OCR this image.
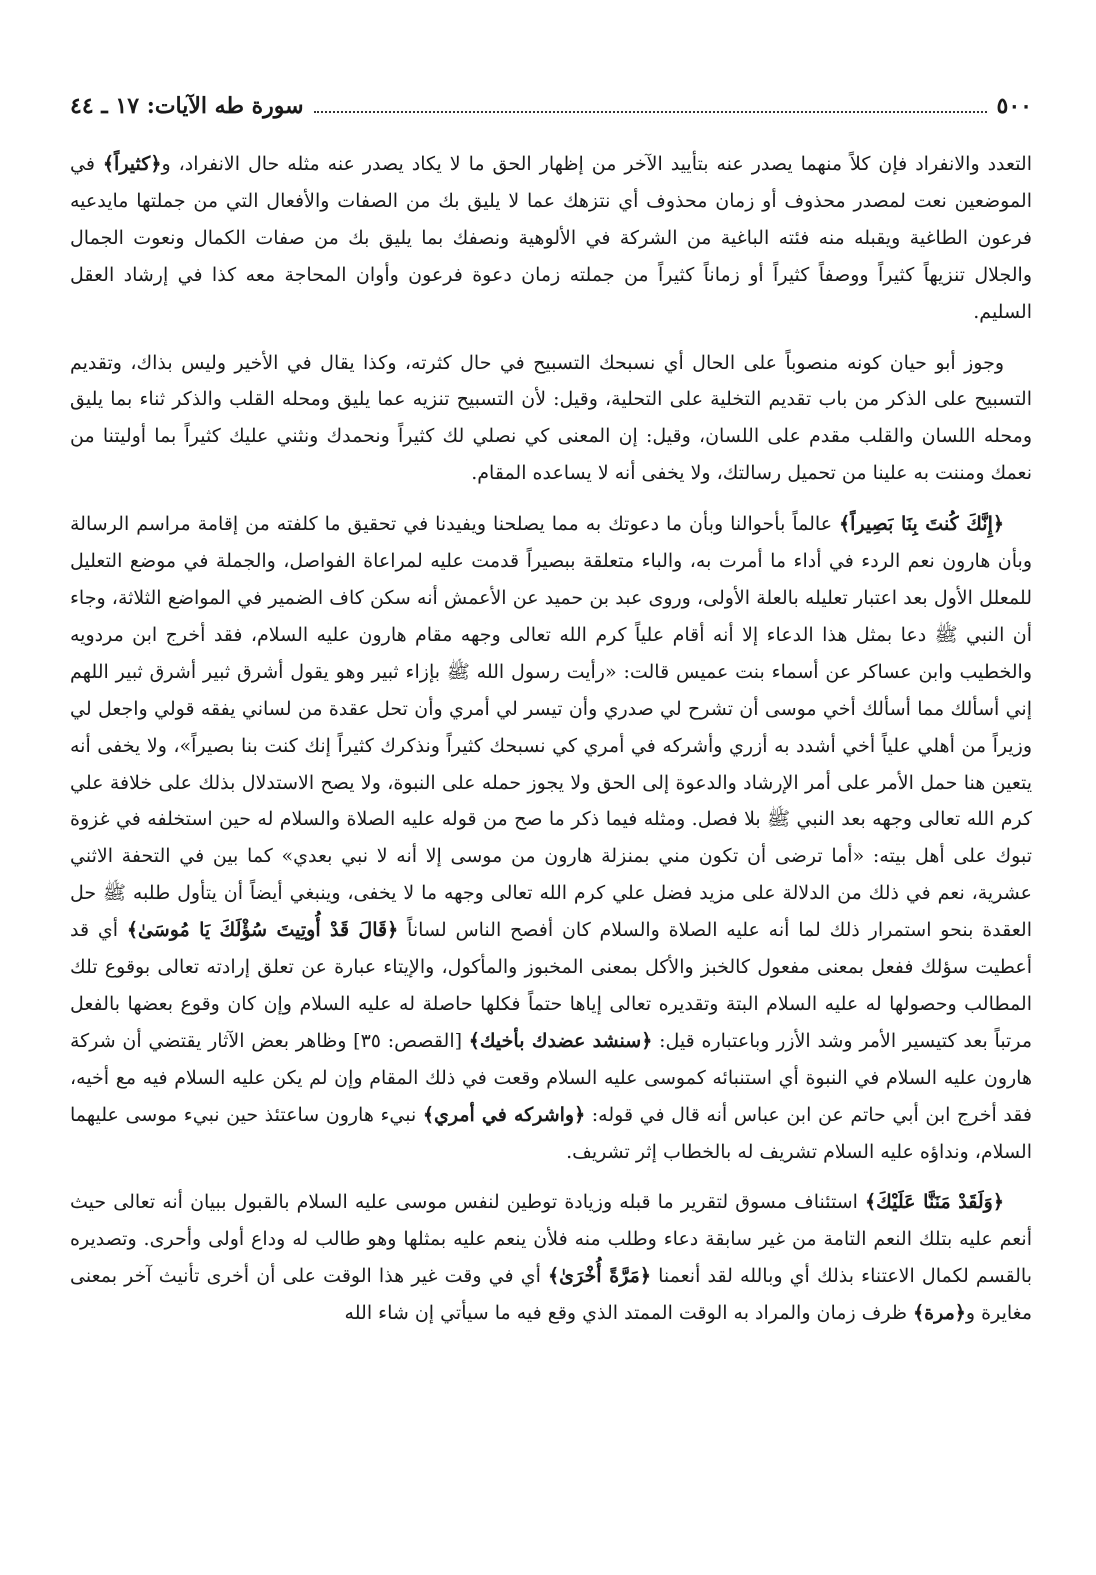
٥٠٠
سورة طه الآيات: ١٧ ـ ٤٤

التعدد والانفراد فإن كلاً منهما يصدر عنه بتأييد الآخر من إظهار الحق ما لا يكاد يصدر عنه مثله حال الانفراد، و﴿كثيراً﴾ في الموضعين نعت لمصدر محذوف أو زمان محذوف أي نتزهك عما لا يليق بك من الصفات والأفعال التي من جملتها مايدعيه فرعون الطاغية ويقبله منه فئته الباغية من الشركة في الألوهية ونصفك بما يليق بك من صفات الكمال ونعوت الجمال والجلال تنزيهاً كثيراً ووصفاً كثيراً أو زماناً كثيراً من جملته زمان دعوة فرعون وأوان المحاجة معه كذا في إرشاد العقل السليم.

وجوز أبو حيان كونه منصوباً على الحال أي نسبحك التسبيح في حال كثرته، وكذا يقال في الأخير وليس بذاك، وتقديم التسبيح على الذكر من باب تقديم التخلية على التحلية، وقيل: لأن التسبيح تنزيه عما يليق ومحله القلب والذكر ثناء بما يليق ومحله اللسان والقلب مقدم على اللسان، وقيل: إن المعنى كي نصلي لك كثيراً ونحمدك ونثني عليك كثيراً بما أوليتنا من نعمك ومننت به علينا من تحميل رسالتك، ولا يخفى أنه لا يساعده المقام.

﴿إِنَّكَ كُنتَ بِنَا بَصِيراً﴾ عالماً بأحوالنا وبأن ما دعوتك به مما يصلحنا ويفيدنا في تحقيق ما كلفته من إقامة مراسم الرسالة وبأن هارون نعم الردء في أداء ما أمرت به، والباء متعلقة ببصيراً قدمت عليه لمراعاة الفواصل، والجملة في موضع التعليل للمعلل الأول بعد اعتبار تعليله بالعلة الأولى، وروى عبد بن حميد عن الأعمش أنه سكن كاف الضمير في المواضع الثلاثة، وجاء أن النبي ﷺ دعا بمثل هذا الدعاء إلا أنه أقام علياً كرم الله تعالى وجهه مقام هارون عليه السلام، فقد أخرج ابن مردويه والخطيب وابن عساكر عن أسماء بنت عميس قالت: «رأيت رسول الله ﷺ بإزاء ثبير وهو يقول أشرق ثبير أشرق ثبير اللهم إني أسألك مما أسألك أخي موسى أن تشرح لي صدري وأن تيسر لي أمري وأن تحل عقدة من لساني يفقه قولي واجعل لي وزيراً من أهلي علياً أخي أشدد به أزري وأشركه في أمري كي نسبحك كثيراً ونذكرك كثيراً إنك كنت بنا بصيراً»، ولا يخفى أنه يتعين هنا حمل الأمر على أمر الإرشاد والدعوة إلى الحق ولا يجوز حمله على النبوة، ولا يصح الاستدلال بذلك على خلافة علي كرم الله تعالى وجهه بعد النبي ﷺ بلا فصل. ومثله فيما ذكر ما صح من قوله عليه الصلاة والسلام له حين استخلفه في غزوة تبوك على أهل بيته: «أما ترضى أن تكون مني بمنزلة هارون من موسى إلا أنه لا نبي بعدي» كما بين في التحفة الاثني عشرية، نعم في ذلك من الدلالة على مزيد فضل علي كرم الله تعالى وجهه ما لا يخفى، وينبغي أيضاً أن يتأول طلبه ﷺ حل العقدة بنحو استمرار ذلك لما أنه عليه الصلاة والسلام كان أفصح الناس لساناً ﴿قَالَ قَدْ أُوتِيتَ سُؤْلَكَ يَا مُوسَىٰ﴾ أي قد أعطيت سؤلك ففعل بمعنى مفعول كالخبز والأكل بمعنى المخبوز والمأكول، والإيتاء عبارة عن تعلق إرادته تعالى بوقوع تلك المطالب وحصولها له عليه السلام البتة وتقديره تعالى إياها حتماً فكلها حاصلة له عليه السلام وإن كان وقوع بعضها بالفعل مرتباً بعد كتيسير الأمر وشد الأزر وباعتباره قيل: ﴿سنشد عضدك بأخيك﴾ [القصص: ٣٥] وظاهر بعض الآثار يقتضي أن شركة هارون عليه السلام في النبوة أي استنبائه كموسى عليه السلام وقعت في ذلك المقام وإن لم يكن عليه السلام فيه مع أخيه، فقد أخرج ابن أبي حاتم عن ابن عباس أنه قال في قوله: ﴿واشركه في أمري﴾ نبيء هارون ساعتئذ حين نبيء موسى عليهما السلام، ونداؤه عليه السلام تشريف له بالخطاب إثر تشريف.

﴿وَلَقَدْ مَنَنَّا عَلَيْكَ﴾ استئناف مسوق لتقرير ما قبله وزيادة توطين لنفس موسى عليه السلام بالقبول ببيان أنه تعالى حيث أنعم عليه بتلك النعم التامة من غير سابقة دعاء وطلب منه فلأن ينعم عليه بمثلها وهو طالب له وداع أولى وأحرى. وتصديره بالقسم لكمال الاعتناء بذلك أي وبالله لقد أنعمنا ﴿مَرَّةً أُخْرَىٰ﴾ أي في وقت غير هذا الوقت على أن أخرى تأنيث آخر بمعنى مغايرة و﴿مرة﴾ ظرف زمان والمراد به الوقت الممتد الذي وقع فيه ما سيأتي إن شاء الله
